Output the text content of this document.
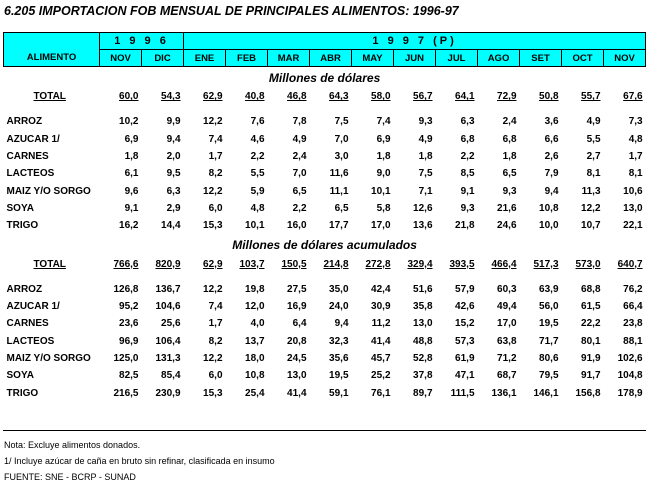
6.205 IMPORTACION FOB MENSUAL DE PRINCIPALES ALIMENTOS: 1996-97
	1 9 9 6		1 9 9 7 (P)										
ALIMENTO	NOV	DIC	ENE	FEB	MAR	ABR	MAY	JUN	JUL	AGO	SET	OCT	NOV
Millones de dólares													
TOTAL	60,0	54,3	62,9	40,8	46,8	64,3	58,0	56,7	64,1	72,9	50,8	55,7	67,6

ARROZ	10,2	9,9	12,2	7,6	7,8	7,5	7,4	9,3	6,3	2,4	3,6	4,9	7,3
AZUCAR 1/	6,9	9,4	7,4	4,6	4,9	7,0	6,9	4,9	6,8	6,8	6,6	5,5	4,8
CARNES	1,8	2,0	1,7	2,2	2,4	3,0	1,8	1,8	2,2	1,8	2,6	2,7	1,7
LACTEOS	6,1	9,5	8,2	5,5	7,0	11,6	9,0	7,5	8,5	6,5	7,9	8,1	8,1
MAIZ Y/O SORGO	9,6	6,3	12,2	5,9	6,5	11,1	10,1	7,1	9,1	9,3	9,4	11,3	10,6
SOYA	9,1	2,9	6,0	4,8	2,2	6,5	5,8	12,6	9,3	21,6	10,8	12,2	13,0
TRIGO	16,2	14,4	15,3	10,1	16,0	17,7	17,0	13,6	21,8	24,6	10,0	10,7	22,1
Millones de dólares acumulados													
TOTAL	766,6	820,9	62,9	103,7	150,5	214,8	272,8	329,4	393,5	466,4	517,3	573,0	640,7

ARROZ	126,8	136,7	12,2	19,8	27,5	35,0	42,4	51,6	57,9	60,3	63,9	68,8	76,2
AZUCAR 1/	95,2	104,6	7,4	12,0	16,9	24,0	30,9	35,8	42,6	49,4	56,0	61,5	66,4
CARNES	23,6	25,6	1,7	4,0	6,4	9,4	11,2	13,0	15,2	17,0	19,5	22,2	23,8
LACTEOS	96,9	106,4	8,2	13,7	20,8	32,3	41,4	48,8	57,3	63,8	71,7	80,1	88,1
MAIZ Y/O SORGO	125,0	131,3	12,2	18,0	24,5	35,6	45,7	52,8	61,9	71,2	80,6	91,9	102,6
SOYA	82,5	85,4	6,0	10,8	13,0	19,5	25,2	37,8	47,1	68,7	79,5	91,7	104,8
TRIGO	216,5	230,9	15,3	25,4	41,4	59,1	76,1	89,7	111,5	136,1	146,1	156,8	178,9
Nota: Excluye alimentos donados.
1/ Incluye azúcar de caña en bruto sin refinar, clasificada en insumo
FUENTE: SNE - BCRP - SUNAD
